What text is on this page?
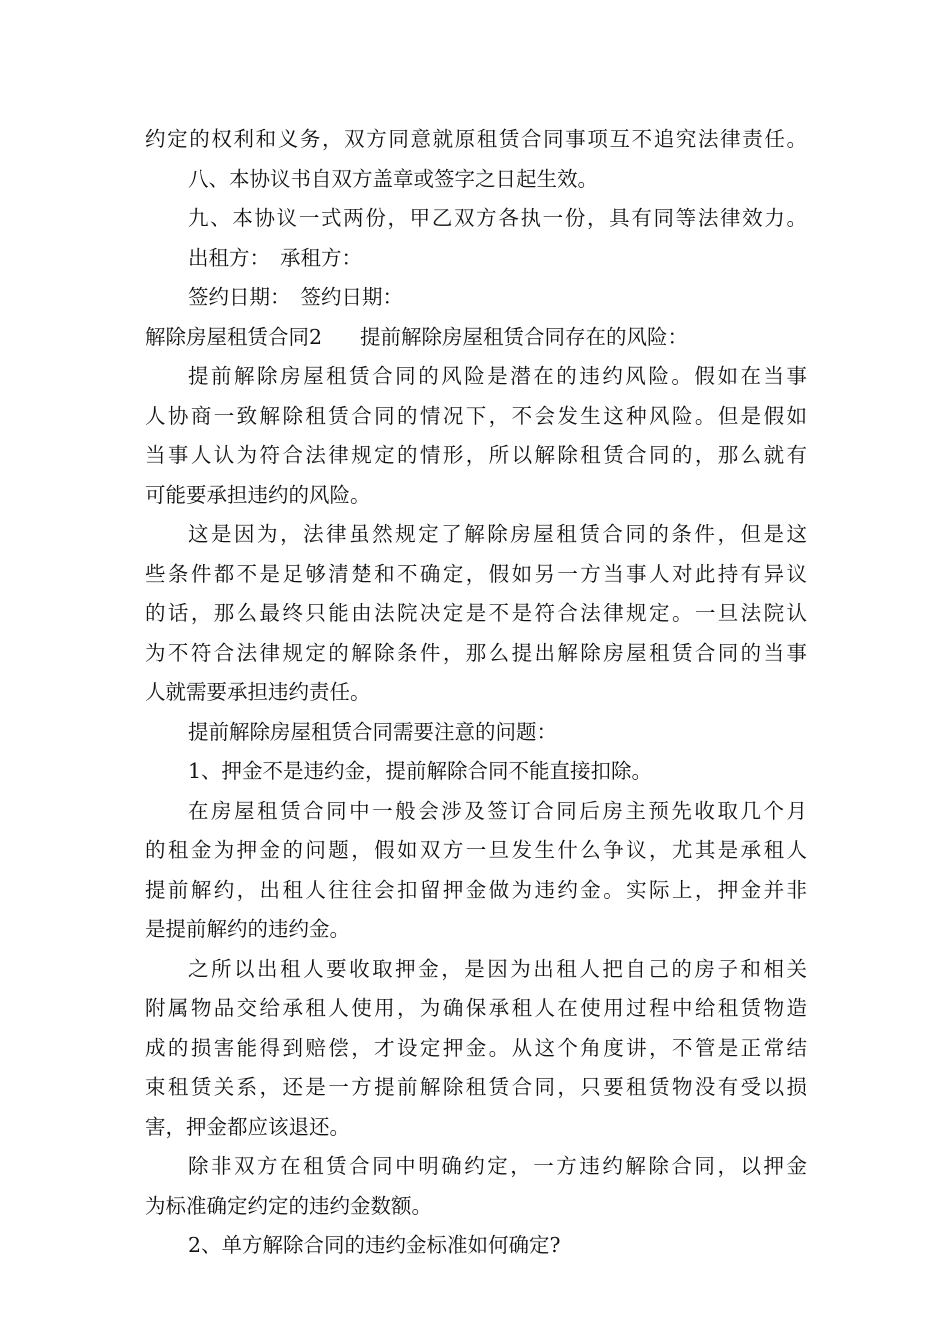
约定的权利和义务，双方同意就原租赁合同事项互不追究法律责任。
八、本协议书自双方盖章或签字之日起生效。
九、本协议一式两份，甲乙双方各执一份，具有同等法律效力。
出租方： 承租方：
签约日期： 签约日期：
解除房屋租赁合同2 提前解除房屋租赁合同存在的风险：
提前解除房屋租赁合同的风险是潜在的违约风险。假如在当事
人协商一致解除租赁合同的情况下，不会发生这种风险。但是假如
当事人认为符合法律规定的情形，所以解除租赁合同的，那么就有
可能要承担违约的风险。
这是因为，法律虽然规定了解除房屋租赁合同的条件，但是这
些条件都不是足够清楚和不确定，假如另一方当事人对此持有异议
的话，那么最终只能由法院决定是不是符合法律规定。一旦法院认
为不符合法律规定的解除条件，那么提出解除房屋租赁合同的当事
人就需要承担违约责任。
提前解除房屋租赁合同需要注意的问题：
1、押金不是违约金，提前解除合同不能直接扣除。
在房屋租赁合同中一般会涉及签订合同后房主预先收取几个月
的租金为押金的问题，假如双方一旦发生什么争议，尤其是承租人
提前解约，出租人往往会扣留押金做为违约金。实际上，押金并非
是提前解约的违约金。
之所以出租人要收取押金，是因为出租人把自己的房子和相关
附属物品交给承租人使用，为确保承租人在使用过程中给租赁物造
成的损害能得到赔偿，才设定押金。从这个角度讲，不管是正常结
束租赁关系，还是一方提前解除租赁合同，只要租赁物没有受以损
害，押金都应该退还。
除非双方在租赁合同中明确约定，一方违约解除合同，以押金
为标准确定约定的违约金数额。
2、单方解除合同的违约金标准如何确定?
